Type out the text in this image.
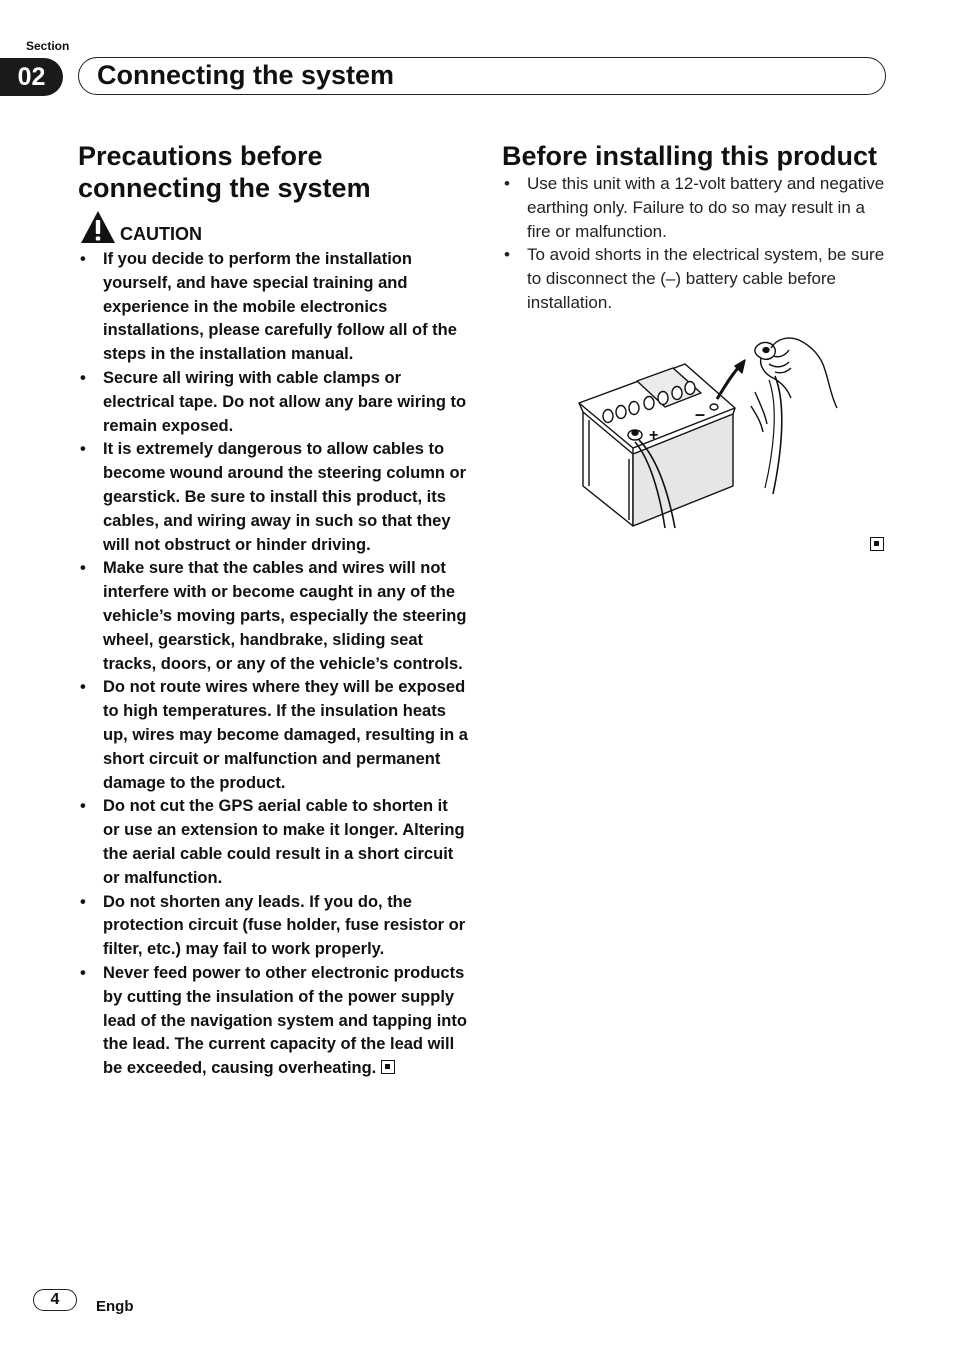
Section
02	Connecting the system
Precautions before connecting the system
CAUTION
• If you decide to perform the installation yourself, and have special training and experience in the mobile electronics installations, please carefully follow all of the steps in the installation manual.
• Secure all wiring with cable clamps or electrical tape. Do not allow any bare wiring to remain exposed.
• It is extremely dangerous to allow cables to become wound around the steering column or gearstick. Be sure to install this product, its cables, and wiring away in such so that they will not obstruct or hinder driving.
• Make sure that the cables and wires will not interfere with or become caught in any of the vehicle’s moving parts, especially the steering wheel, gearstick, handbrake, sliding seat tracks, doors, or any of the vehicle’s controls.
• Do not route wires where they will be exposed to high temperatures. If the insulation heats up, wires may become damaged, resulting in a short circuit or malfunction and permanent damage to the product.
• Do not cut the GPS aerial cable to shorten it or use an extension to make it longer. Altering the aerial cable could result in a short circuit or malfunction.
• Do not shorten any leads. If you do, the protection circuit (fuse holder, fuse resistor or filter, etc.) may fail to work properly.
• Never feed power to other electronic products by cutting the insulation of the power supply lead of the navigation system and tapping into the lead. The current capacity of the lead will be exceeded, causing overheating.
Before installing this product
• Use this unit with a 12-volt battery and negative earthing only. Failure to do so may result in a fire or malfunction.
• To avoid shorts in the electrical system, be sure to disconnect the (–) battery cable before installation.
+
–
4	Engb
